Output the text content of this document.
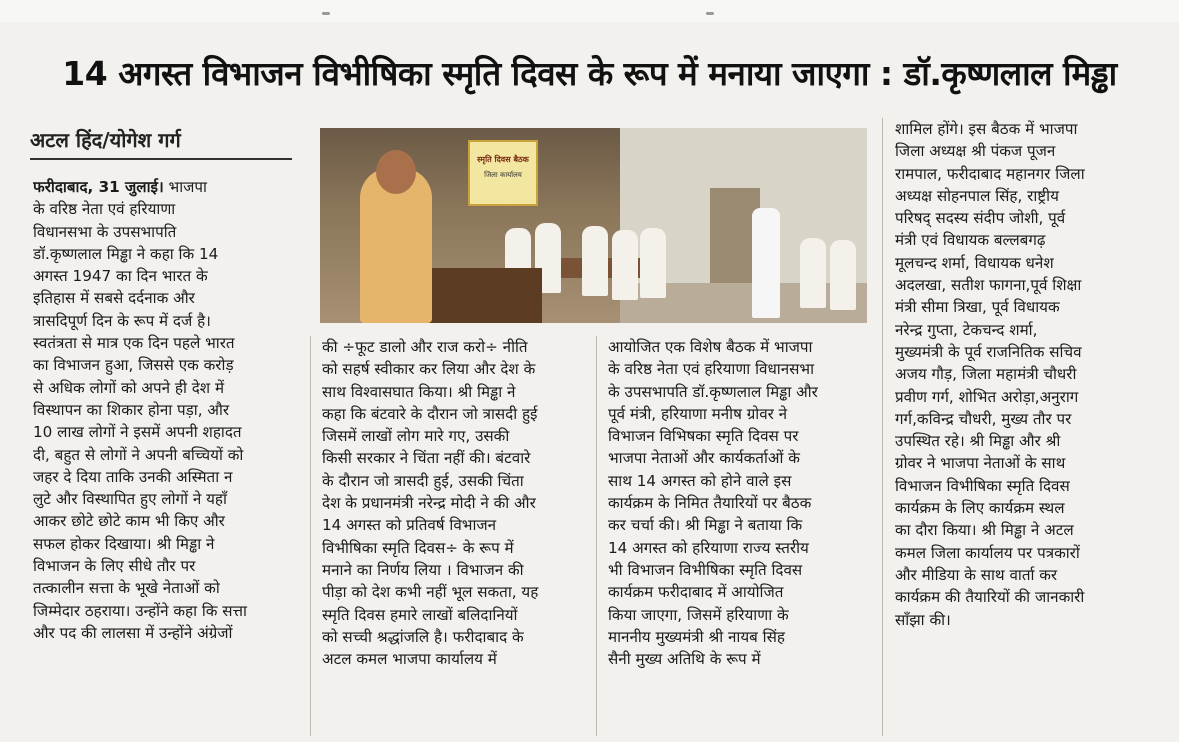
14 अगस्त विभाजन विभीषिका स्मृति दिवस के रूप में मनाया जाएगा : डॉ.कृष्णलाल मिड्ढा
अटल हिंद/योगेश गर्ग
फरीदाबाद, 31 जुलाई। भाजपा
के वरिष्ठ नेता एवं हरियाणा
विधानसभा के उपसभापति
डॉ.कृष्णलाल मिड्ढा ने कहा कि 14
अगस्त 1947 का दिन भारत के
इतिहास में सबसे दर्दनाक और
त्रासदिपूर्ण दिन के रूप में दर्ज है।
स्वतंत्रता से मात्र एक दिन पहले भारत
का विभाजन हुआ, जिससे एक करोड़
से अधिक लोगों को अपने ही देश में
विस्थापन का शिकार होना पड़ा, और
10 लाख लोगों ने इसमें अपनी शहादत
दी, बहुत से लोगों ने अपनी बच्चियों को
जहर दे दिया ताकि उनकी अस्मिता न
लुटे और विस्थापित हुए लोगों ने यहाँ
आकर छोटे छोटे काम भी किए और
सफल होकर दिखाया। श्री मिड्ढा ने
विभाजन के लिए सीधे तौर पर
तत्कालीन सत्ता के भूखे नेताओं को
जिम्मेदार ठहराया। उन्होंने कहा कि सत्ता
और पद की लालसा में उन्होंने अंग्रेजों
स्मृति दिवस बैठक
जिला कार्यालय
की ÷फूट डालो और राज करो÷ नीति
को सहर्ष स्वीकार कर लिया और देश के
साथ विश्वासघात किया। श्री मिड्ढा ने
कहा कि बंटवारे के दौरान जो त्रासदी हुई
जिसमें लाखों लोग मारे गए, उसकी
किसी सरकार ने चिंता नहीं की। बंटवारे
के दौरान जो त्रासदी हुई, उसकी चिंता
देश के प्रधानमंत्री नरेन्द्र मोदी ने की और
14 अगस्त को प्रतिवर्ष विभाजन
विभीषिका स्मृति दिवस÷ के रूप में
मनाने का निर्णय लिया । विभाजन की
पीड़ा को देश कभी नहीं भूल सकता, यह
स्मृति दिवस हमारे लाखों बलिदानियों
को सच्ची श्रद्धांजलि है। फरीदाबाद के
अटल कमल भाजपा कार्यालय में
आयोजित एक विशेष बैठक में भाजपा
के वरिष्ठ नेता एवं हरियाणा विधानसभा
के उपसभापति डॉ.कृष्णलाल मिड्ढा और
पूर्व मंत्री, हरियाणा मनीष ग्रोवर ने
विभाजन विभिषका स्मृति दिवस पर
भाजपा नेताओं और कार्यकर्ताओं के
साथ 14 अगस्त को होने वाले इस
कार्यक्रम के निमित तैयारियों पर बैठक
कर चर्चा की। श्री मिड्ढा ने बताया कि
14 अगस्त को हरियाणा राज्य स्तरीय
भी विभाजन विभीषिका स्मृति दिवस
कार्यक्रम फरीदाबाद में आयोजित
किया जाएगा, जिसमें हरियाणा के
माननीय मुख्यमंत्री श्री नायब सिंह
सैनी मुख्य अतिथि के रूप में
शामिल होंगे। इस बैठक में भाजपा
जिला अध्यक्ष श्री पंकज पूजन
रामपाल, फरीदाबाद महानगर जिला
अध्यक्ष सोहनपाल सिंह, राष्ट्रीय
परिषद् सदस्य संदीप जोशी, पूर्व
मंत्री एवं विधायक बल्लबगढ़
मूलचन्द शर्मा, विधायक धनेश
अदलखा, सतीश फागना,पूर्व शिक्षा
मंत्री सीमा त्रिखा, पूर्व विधायक
नरेन्द्र गुप्ता, टेकचन्द शर्मा,
मुख्यमंत्री के पूर्व राजनितिक सचिव
अजय गौड़, जिला महामंत्री चौधरी
प्रवीण गर्ग, शोभित अरोड़ा,अनुराग
गर्ग,कविन्द्र चौधरी, मुख्य तौर पर
उपस्थित रहे। श्री मिड्ढा और श्री
ग्रोवर ने भाजपा नेताओं के साथ
विभाजन विभीषिका स्मृति दिवस
कार्यक्रम के लिए कार्यक्रम स्थल
का दौरा किया। श्री मिड्ढा ने अटल
कमल जिला कार्यालय पर पत्रकारों
और मीडिया के साथ वार्ता कर
कार्यक्रम की तैयारियों की जानकारी
साँझा की।
